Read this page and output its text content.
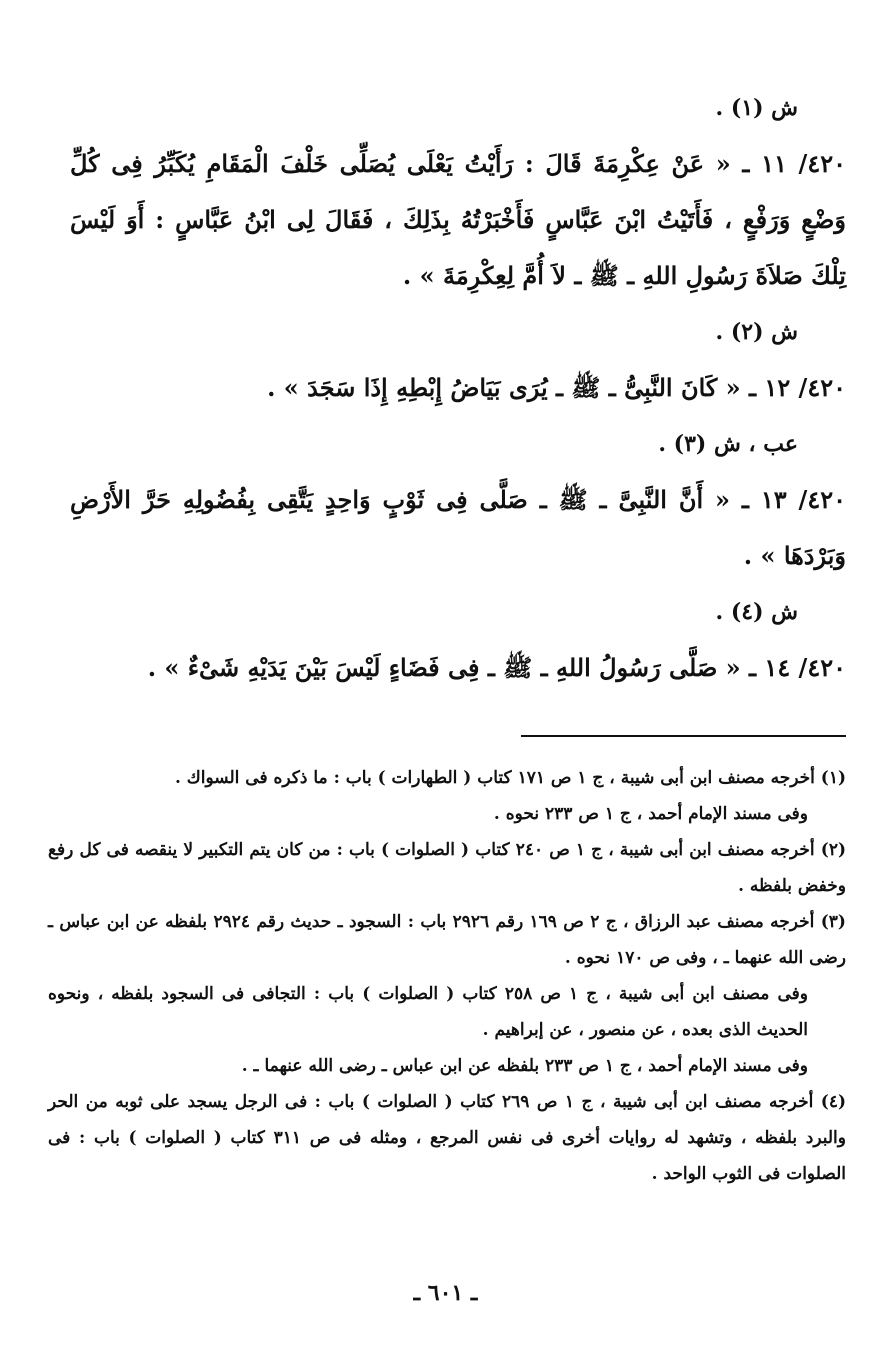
ش (١) .

٤٢٠/ ١١ ـ « عَنْ عِكْرِمَةَ قَالَ : رَأَيْتُ يَعْلَى يُصَلِّى خَلْفَ الْمَقَامِ يُكَبِّرُ فِى كُلِّ وَضْعٍ وَرَفْعٍ ، فَأَتَيْتُ ابْنَ عَبَّاسٍ فَأَخْبَرْتُهُ بِذَلِكَ ، فَقَالَ لِى ابْنُ عَبَّاسٍ : أَوَ لَيْسَ تِلْكَ صَلاَةَ رَسُولِ اللهِ ـ ﷺ ـ لاَ أُمَّ لِعِكْرِمَةَ » .

ش (٢) .

٤٢٠/ ١٢ ـ « كَانَ النَّبِىُّ ـ ﷺ ـ يُرَى بَيَاضُ إِبْطِهِ إِذَا سَجَدَ » .

عب ، ش (٣) .

٤٢٠/ ١٣ ـ « أَنَّ النَّبِىَّ ـ ﷺ ـ صَلَّى فِى ثَوْبٍ وَاحِدٍ يَتَّقِى بِفُضُولِهِ حَرَّ الأَرْضِ وَبَرْدَهَا » .

ش (٤) .

٤٢٠/ ١٤ ـ « صَلَّى رَسُولُ اللهِ ـ ﷺ ـ فِى فَضَاءٍ لَيْسَ بَيْنَ يَدَيْهِ شَىْءٌ » .

(١) أخرجه مصنف ابن أبى شيبة ، ج ١ ص ١٧١ كتاب ( الطهارات ) باب : ما ذكره فى السواك .

وفى مسند الإمام أحمد ، ج ١ ص ٢٣٣ نحوه .

(٢) أخرجه مصنف ابن أبى شيبة ، ج ١ ص ٢٤٠ كتاب ( الصلوات ) باب : من كان يتم التكبير لا ينقصه فى كل رفع وخفض بلفظه .

(٣) أخرجه مصنف عبد الرزاق ، ج ٢ ص ١٦٩ رقم ٢٩٢٦ باب : السجود ـ حديث رقم ٢٩٢٤ بلفظه عن ابن عباس ـ رضى الله عنهما ـ ، وفى ص ١٧٠ نحوه .

وفى مصنف ابن أبى شيبة ، ج ١ ص ٢٥٨ كتاب ( الصلوات ) باب : التجافى فى السجود بلفظه ، ونحوه الحديث الذى بعده ، عن منصور ، عن إبراهيم .

وفى مسند الإمام أحمد ، ج ١ ص ٢٣٣ بلفظه عن ابن عباس ـ رضى الله عنهما ـ .

(٤) أخرجه مصنف ابن أبى شيبة ، ج ١ ص ٢٦٩ كتاب ( الصلوات ) باب : فى الرجل يسجد على ثوبه من الحر والبرد بلفظه ، وتشهد له روايات أخرى فى نفس المرجع ، ومثله فى ص ٣١١ كتاب ( الصلوات ) باب : فى الصلوات فى الثوب الواحد .

ـ ٦٠١ ـ
